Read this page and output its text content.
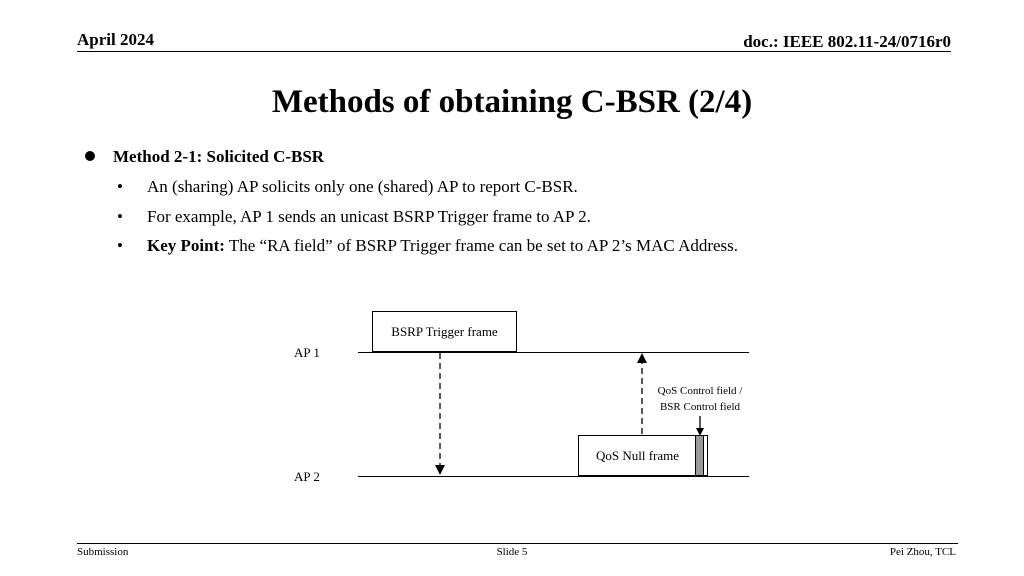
April 2024	doc.: IEEE 802.11-24/0716r0
Methods of obtaining C-BSR (2/4)
Method 2-1: Solicited C-BSR
• An (sharing) AP solicits only one (shared) AP to report C-BSR.
• For example, AP 1 sends an unicast BSRP Trigger frame to AP 2.
• Key Point: The “RA field” of BSRP Trigger frame can be set to AP 2’s MAC Address.
BSRP Trigger frame
AP 1
AP 2
QoS Null frame
QoS Control field /
BSR Control field
Submission	Slide 5	Pei Zhou, TCL
